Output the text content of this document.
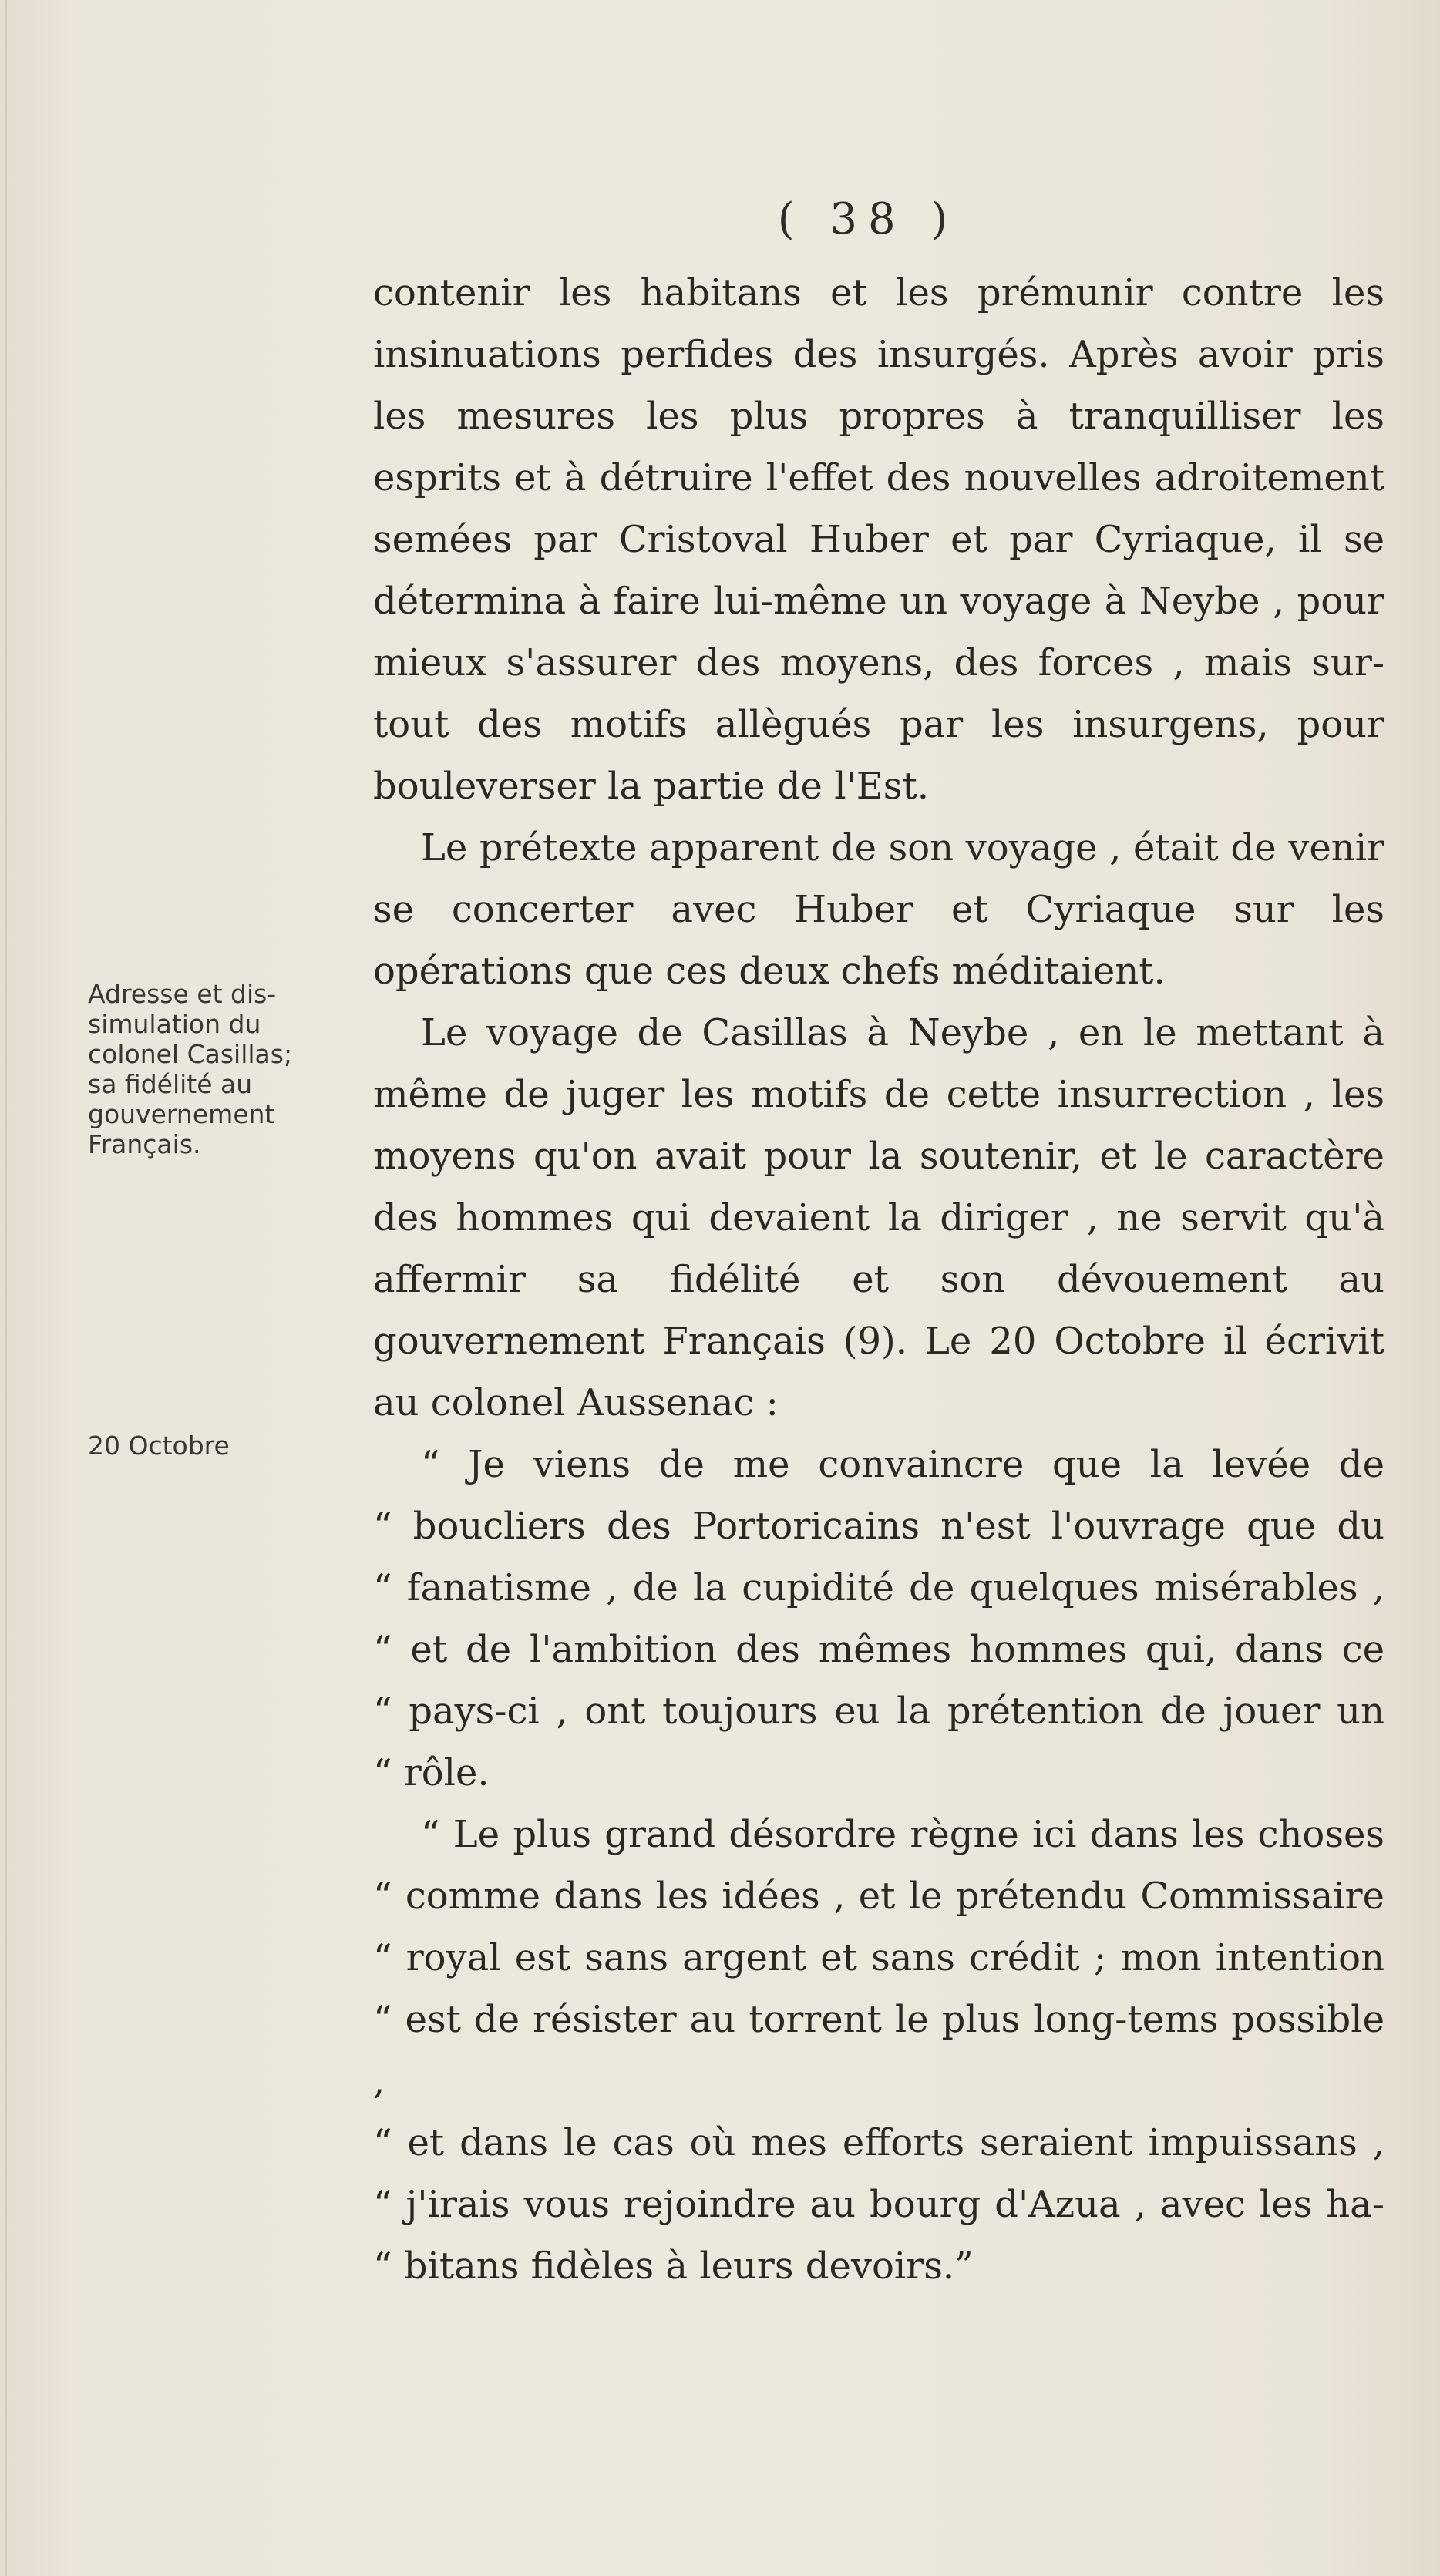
( 38 )

contenir les habitans et les prémunir contre les insinuations perfides des insurgés. Après avoir pris les mesures les plus propres à tranquilliser les esprits et à détruire l'effet des nouvelles adroitement semées par Cristoval Huber et par Cyriaque, il se détermina à faire lui-même un voyage à Neybe , pour mieux s'assurer des moyens, des forces , mais sur-tout des motifs allègués par les insurgens, pour bouleverser la partie de l'Est.

Le prétexte apparent de son voyage , était de venir se concerter avec Huber et Cyriaque sur les opérations que ces deux chefs méditaient.

Le voyage de Casillas à Neybe , en le mettant à même de juger les motifs de cette insurrection , les moyens qu'on avait pour la soutenir, et le caractère des hommes qui devaient la diriger , ne servit qu'à affermir sa fidélité et son dévouement au gouvernement Français (9). Le 20 Octobre il écrivit au colonel Aussenac :

“ Je viens de me convaincre que la levée de
“ boucliers des Portoricains n'est l'ouvrage que du
“ fanatisme , de la cupidité de quelques misérables ,
“ et de l'ambition des mêmes hommes qui, dans ce
“ pays-ci , ont toujours eu la prétention de jouer un
“ rôle.
“ Le plus grand désordre règne ici dans les choses
“ comme dans les idées , et le prétendu Commissaire
“ royal est sans argent et sans crédit ; mon intention
“ est de résister au torrent le plus long-tems possible ,
“ et dans le cas où mes efforts seraient impuissans ,
“ j'irais vous rejoindre au bourg d'Azua , avec les ha-
“ bitans fidèles à leurs devoirs.”
Adresse et dis-
simulation du
colonel Casillas;
sa fidélité au
gouvernement
Français.
20 Octobre
